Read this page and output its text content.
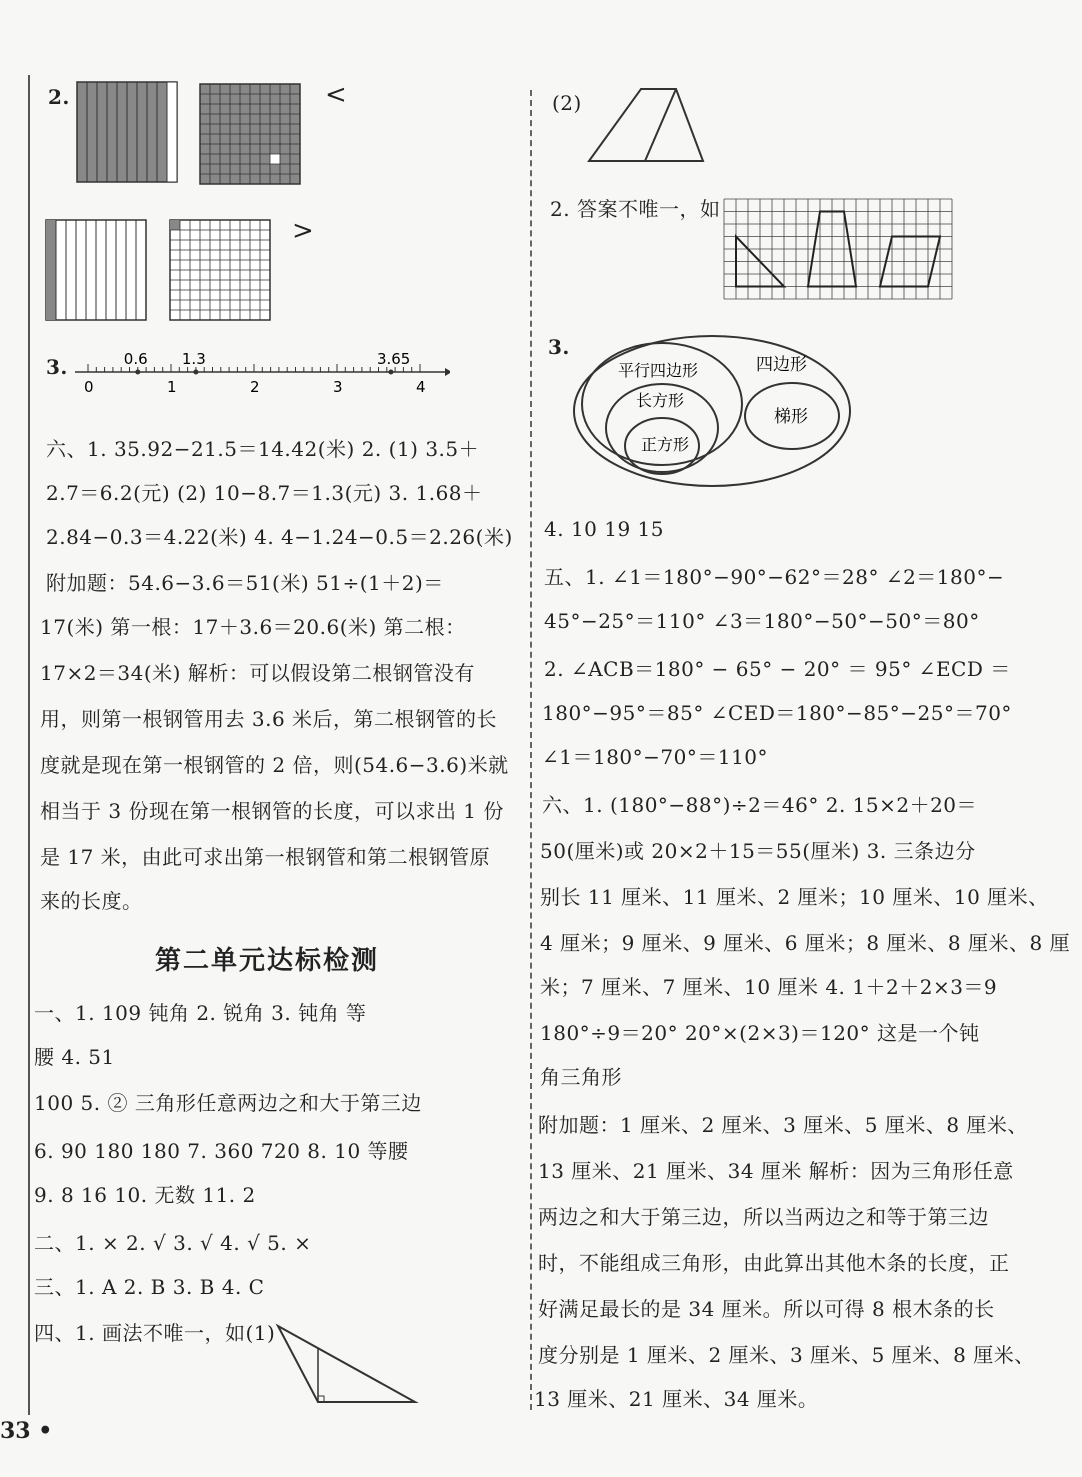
2.	<
>
3.
0	1	2	3	4
0.6 1.3	3.65
六、1. 35.92−21.5＝14.42(米) 2. (1) 3.5＋
2.7＝6.2(元) (2) 10−8.7＝1.3(元) 3. 1.68＋
2.84−0.3＝4.22(米) 4. 4−1.24−0.5＝2.26(米)
附加题：54.6−3.6＝51(米) 51÷(1＋2)＝
17(米) 第一根：17＋3.6＝20.6(米) 第二根：
17×2＝34(米) 解析：可以假设第二根钢管没有
用，则第一根钢管用去 3.6 米后，第二根钢管的长
度就是现在第一根钢管的 2 倍，则(54.6−3.6)米就
相当于 3 份现在第一根钢管的长度，可以求出 1 份
是 17 米，由此可求出第一根钢管和第二根钢管原
来的长度。
第二单元达标检测
一、1. 109 钝角 2. 锐角 3. 钝角 等
腰 4. 51
100 5. ② 三角形任意两边之和大于第三边
6. 90 180 180 7. 360 720 8. 10 等腰
9. 8 16 10. 无数 11. 2
二、1. × 2. √ 3. √ 4. √ 5. ×
三、1. A 2. B 3. B 4. C
四、1. 画法不唯一，如(1)
33 •
(2)
2. 答案不唯一，如
3.
四边形
平行四边形
长方形
正方形
梯形
4. 10 19 15
五、1. ∠1＝180°−90°−62°＝28° ∠2＝180°−
45°−25°＝110° ∠3＝180°−50°−50°＝80°
2. ∠ACB＝180° − 65° − 20° ＝ 95° ∠ECD ＝
180°−95°＝85° ∠CED＝180°−85°−25°＝70°
∠1＝180°−70°＝110°
六、1. (180°−88°)÷2＝46° 2. 15×2＋20＝
50(厘米)或 20×2＋15＝55(厘米) 3. 三条边分
别长 11 厘米、11 厘米、2 厘米；10 厘米、10 厘米、
4 厘米；9 厘米、9 厘米、6 厘米；8 厘米、8 厘米、8 厘
米；7 厘米、7 厘米、10 厘米 4. 1＋2＋2×3＝9
180°÷9＝20° 20°×(2×3)＝120° 这是一个钝
角三角形
附加题：1 厘米、2 厘米、3 厘米、5 厘米、8 厘米、
13 厘米、21 厘米、34 厘米 解析：因为三角形任意
两边之和大于第三边，所以当两边之和等于第三边
时，不能组成三角形，由此算出其他木条的长度，正
好满足最长的是 34 厘米。所以可得 8 根木条的长
度分别是 1 厘米、2 厘米、3 厘米、5 厘米、8 厘米、
13 厘米、21 厘米、34 厘米。
